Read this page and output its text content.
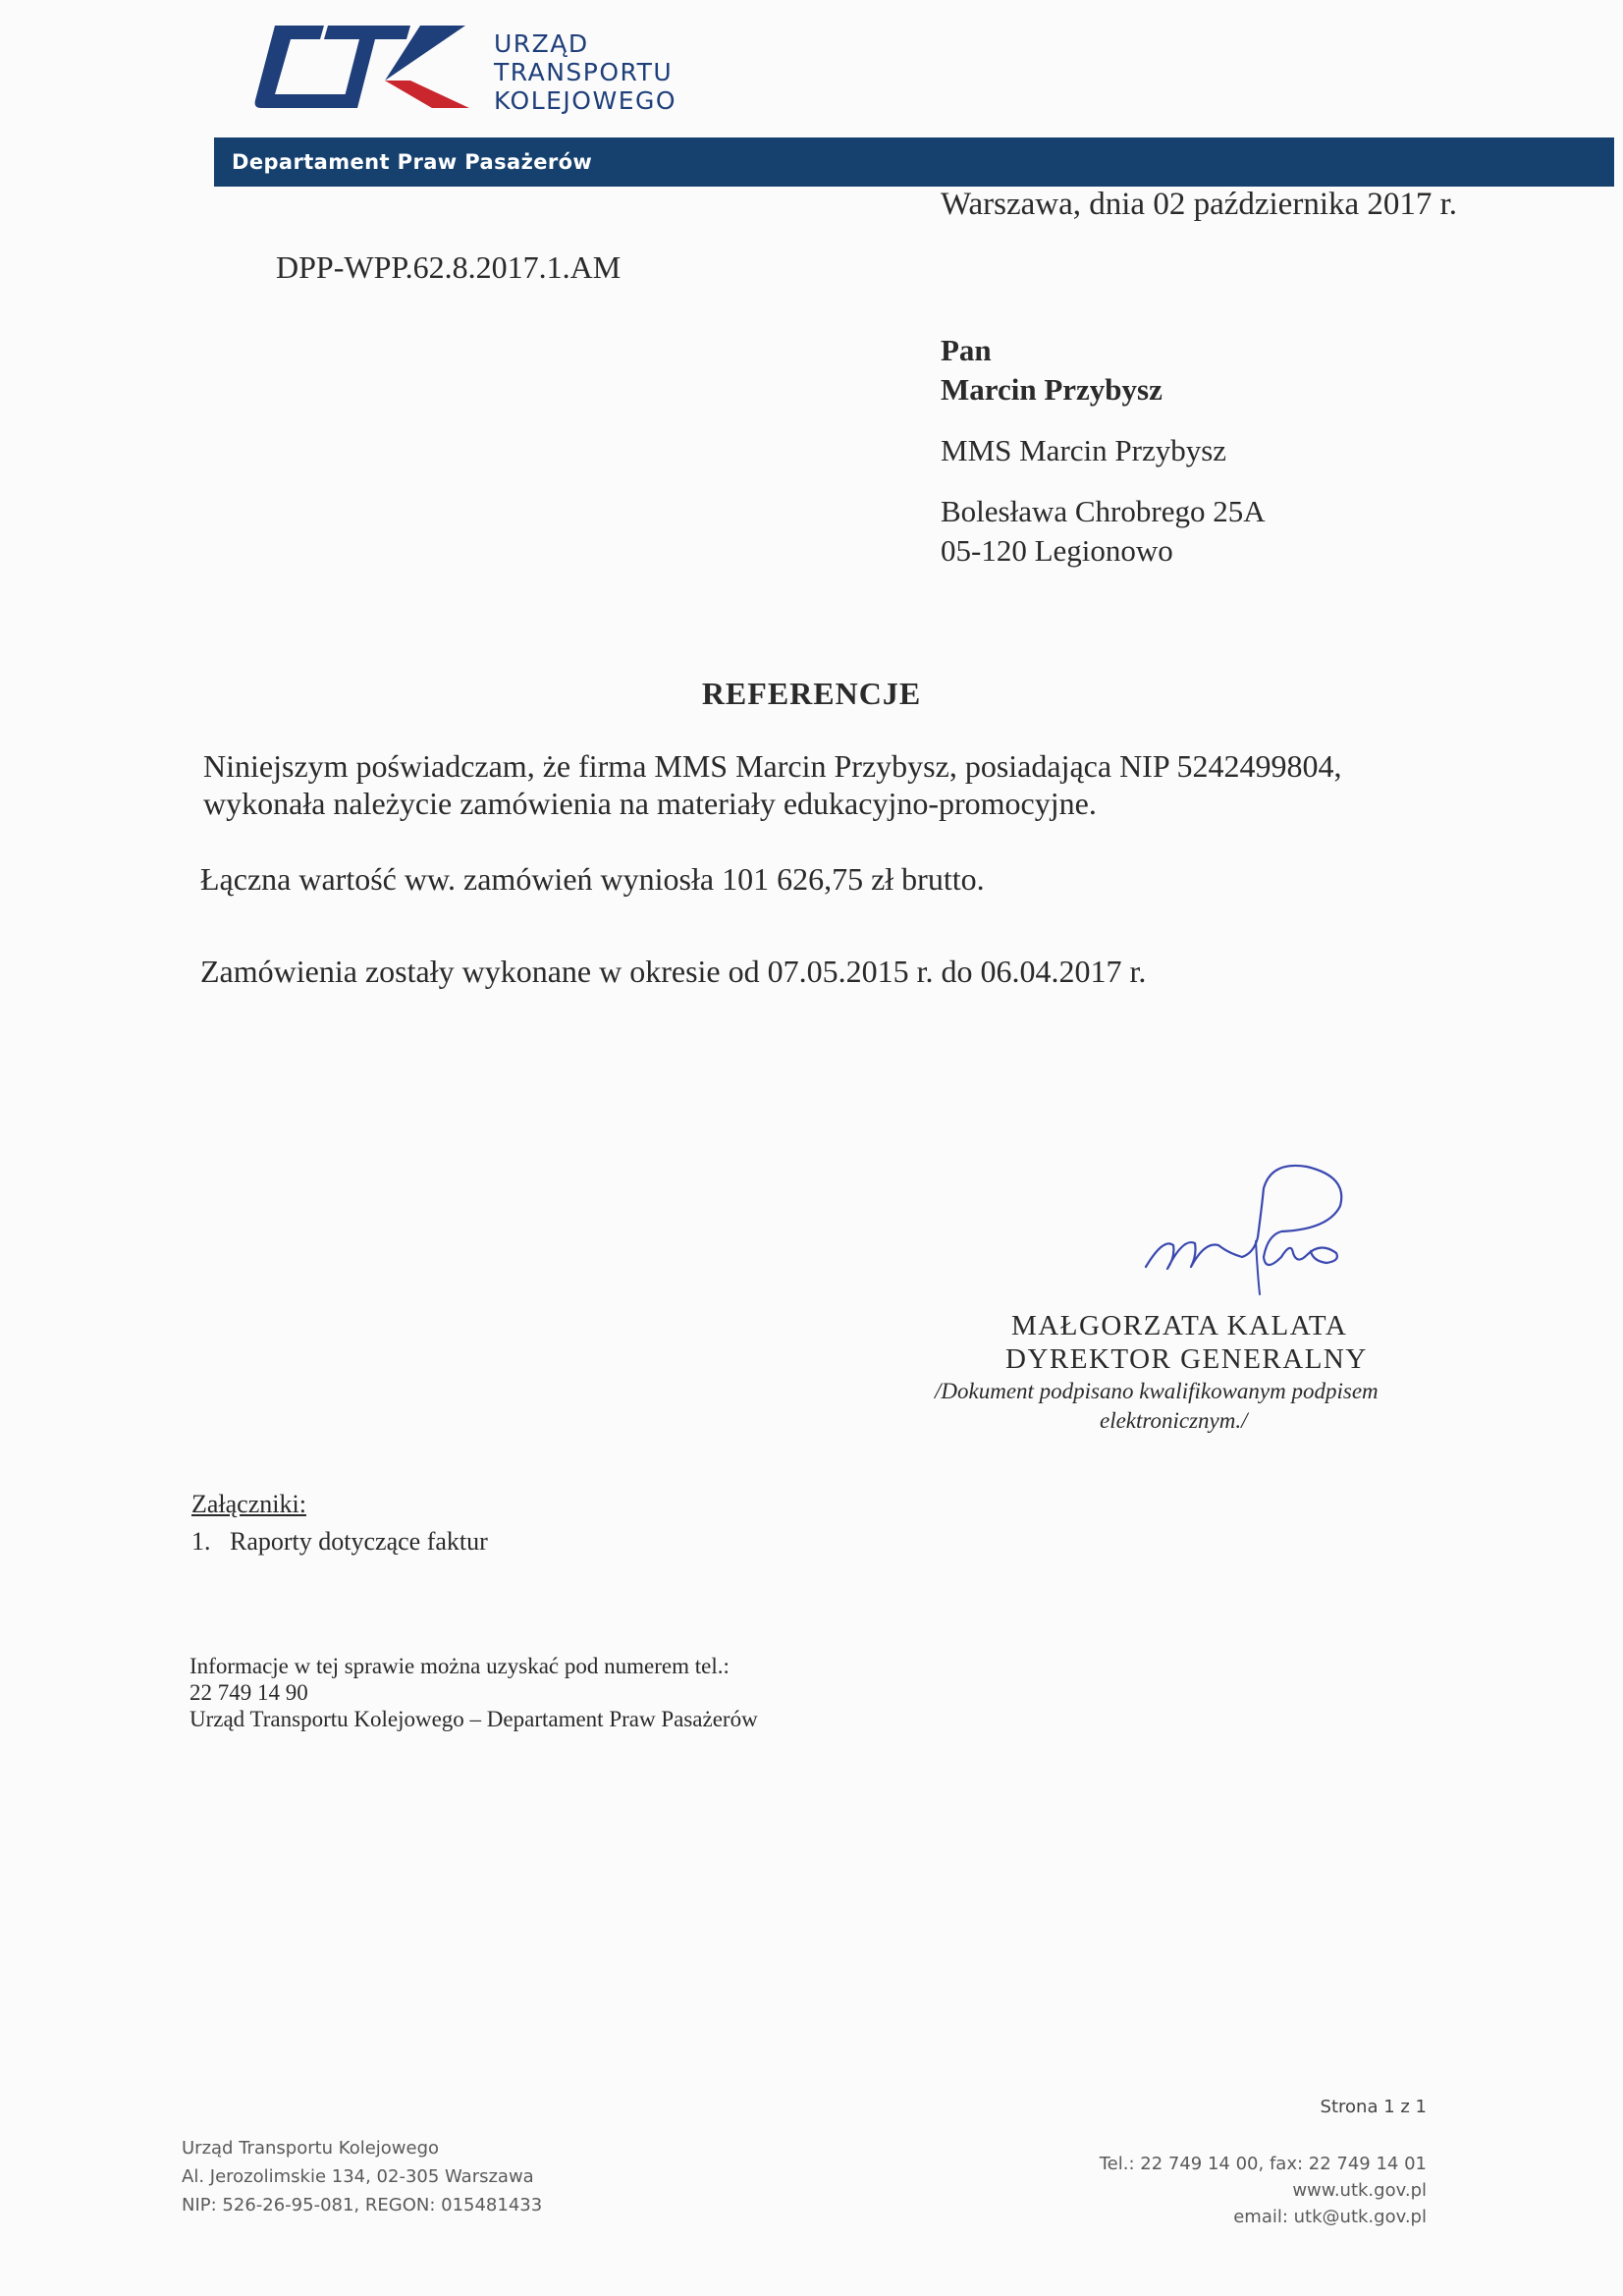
URZĄD
TRANSPORTU
KOLEJOWEGO
Departament Praw Pasażerów
Warszawa, dnia 02 października 2017 r.
DPP-WPP.62.8.2017.1.AM
Pan
Marcin Przybysz
MMS Marcin Przybysz
Bolesława Chrobrego 25A
05-120 Legionowo
REFERENCJE
Niniejszym poświadczam, że firma MMS Marcin Przybysz, posiadająca NIP 5242499804,
wykonała należycie zamówienia na materiały edukacyjno-promocyjne.
Łączna wartość ww. zamówień wyniosła 101 626,75 zł brutto.
Zamówienia zostały wykonane w okresie od 07.05.2015 r. do 06.04.2017 r.
MAŁGORZATA KALATA
DYREKTOR GENERALNY
/Dokument podpisano kwalifikowanym podpisem
elektronicznym./
Załączniki:
1.   Raporty dotyczące faktur
Informacje w tej sprawie można uzyskać pod numerem tel.:
22 749 14 90
Urząd Transportu Kolejowego – Departament Praw Pasażerów
Strona 1 z 1
Urząd Transportu Kolejowego
Al. Jerozolimskie 134, 02-305 Warszawa
NIP: 526-26-95-081, REGON: 015481433
Tel.: 22 749 14 00, fax: 22 749 14 01
www.utk.gov.pl
email: utk@utk.gov.pl
